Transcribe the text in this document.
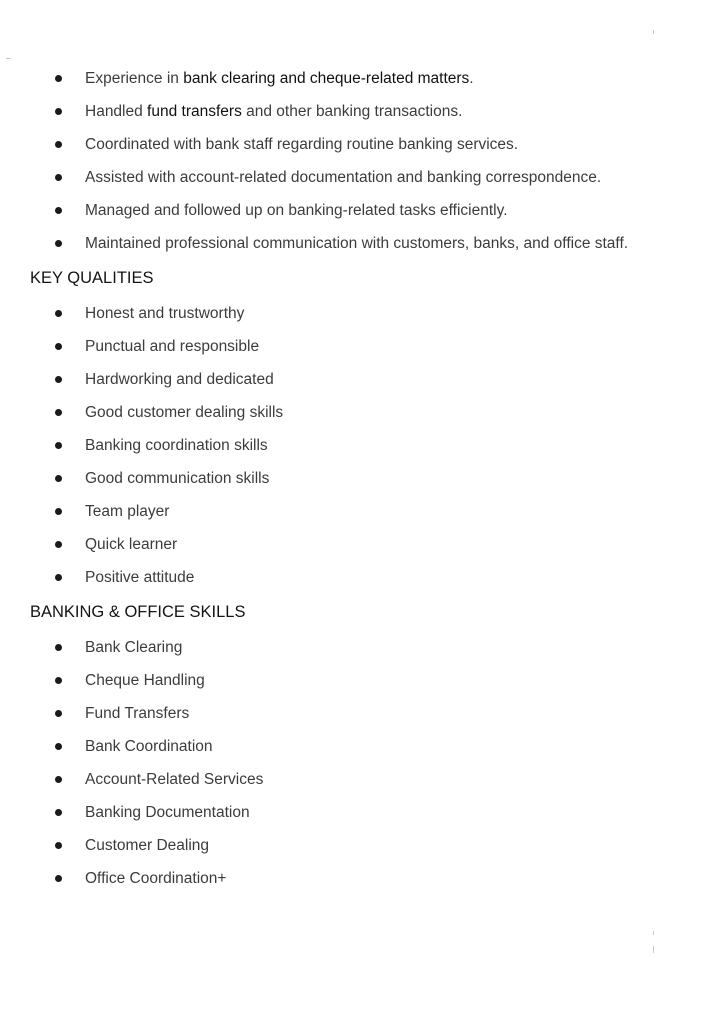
Experience in bank clearing and cheque-related matters.
Handled fund transfers and other banking transactions.
Coordinated with bank staff regarding routine banking services.
Assisted with account-related documentation and banking correspondence.
Managed and followed up on banking-related tasks efficiently.
Maintained professional communication with customers, banks, and office staff.
KEY QUALITIES
Honest and trustworthy
Punctual and responsible
Hardworking and dedicated
Good customer dealing skills
Banking coordination skills
Good communication skills
Team player
Quick learner
Positive attitude
BANKING & OFFICE SKILLS
Bank Clearing
Cheque Handling
Fund Transfers
Bank Coordination
Account-Related Services
Banking Documentation
Customer Dealing
Office Coordination+
